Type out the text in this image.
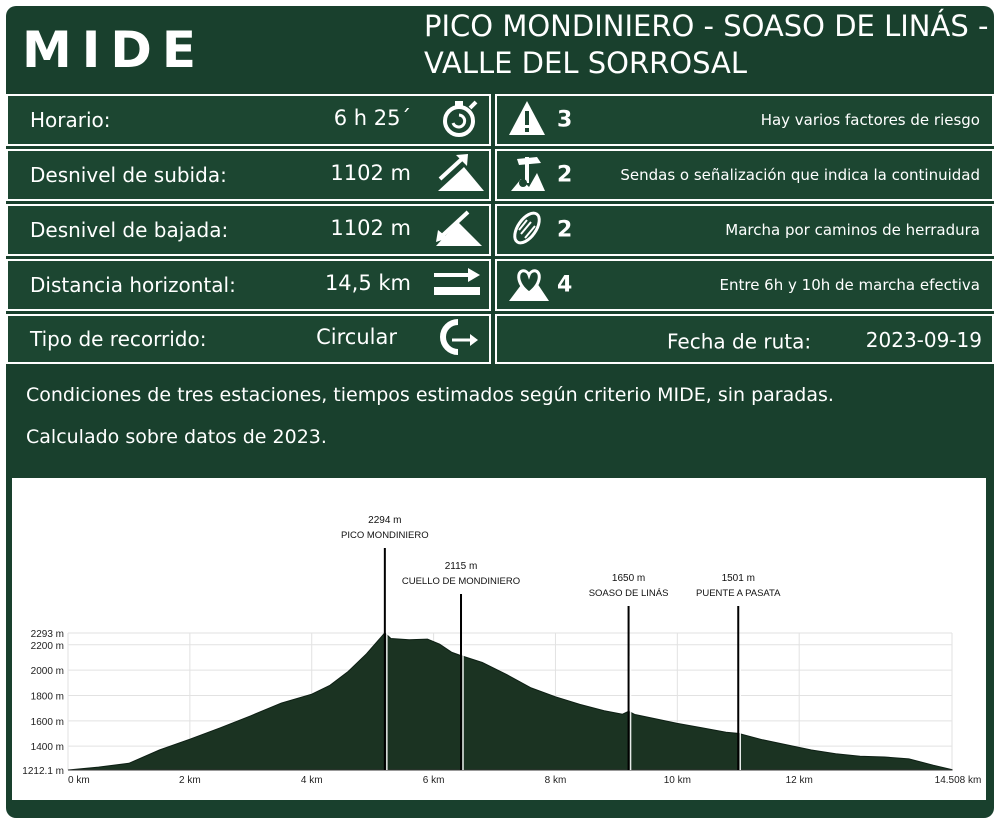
MIDE	PICO MONDINIERO - SOASO DE LINÁS - VALLE DEL SORROSAL
Horario:	6 h 25´
Desnivel de subida:	1102 m
Desnivel de bajada:	1102 m
Distancia horizontal:	14,5 km
Tipo de recorrido:	Circular
3	Hay varios factores de riesgo
2	Sendas o señalización que indica la continuidad
2	Marcha por caminos de herradura
4	Entre 6h y 10h de marcha efectiva
Fecha de ruta:	2023-09-19

Condiciones de tres estaciones, tiempos estimados según criterio MIDE, sin paradas.

Calculado sobre datos de 2023.

1212.1 m
1400 m
1600 m
1800 m
2000 m
2200 m
2293 m
0 km	2 km	4 km	6 km	8 km	10 km	12 km	14.508 km
2294 m
PICO MONDINIERO
2115 m
CUELLO DE MONDINIERO	1650 m
SOASO DE LINÁS
1501 m
PUENTE A PASATA
